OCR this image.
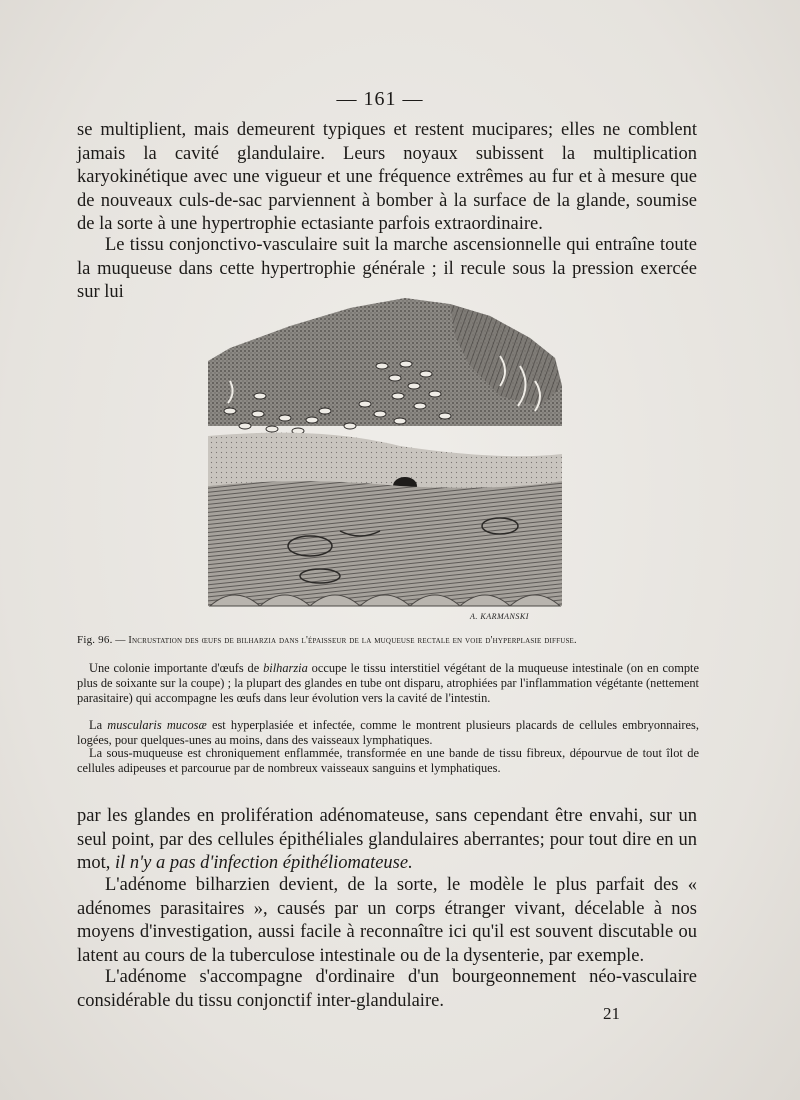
— 161 —

se multiplient, mais demeurent typiques et restent mucipares; elles ne comblent jamais la cavité glandulaire. Leurs noyaux subissent la multiplication karyokinétique avec une vigueur et une fréquence extrêmes au fur et à mesure que de nouveaux culs-de-sac parviennent à bomber à la surface de la glande, soumise de la sorte à une hypertrophie ectasiante parfois extraordinaire.

Le tissu conjonctivo-vasculaire suit la marche ascensionnelle qui entraîne toute la muqueuse dans cette hypertrophie générale ; il recule sous la pression exercée sur lui

A. KARMANSKI
Fig. 96. — Incrustation des œufs de bilharzia dans l'épaisseur de la muqueuse rectale en voie d'hyperplasie diffuse.

Une colonie importante d'œufs de bilharzia occupe le tissu interstitiel végétant de la muqueuse intestinale (on en compte plus de soixante sur la coupe) ; la plupart des glandes en tube ont disparu, atrophiées par l'inflammation végétante (nettement parasitaire) qui accompagne les œufs dans leur évolution vers la cavité de l'intestin.

La muscularis mucosæ est hyperplasiée et infectée, comme le montrent plusieurs placards de cellules embryonnaires, logées, pour quelques-unes au moins, dans des vaisseaux lymphatiques.

La sous-muqueuse est chroniquement enflammée, transformée en une bande de tissu fibreux, dépourvue de tout îlot de cellules adipeuses et parcourue par de nombreux vaisseaux sanguins et lymphatiques.

par les glandes en prolifération adénomateuse, sans cependant être envahi, sur un seul point, par des cellules épithéliales glandulaires aberrantes; pour tout dire en un mot, il n'y a pas d'infection épithéliomateuse.

L'adénome bilharzien devient, de la sorte, le modèle le plus parfait des « adénomes parasitaires », causés par un corps étranger vivant, décelable à nos moyens d'investigation, aussi facile à reconnaître ici qu'il est souvent discutable ou latent au cours de la tuberculose intestinale ou de la dysenterie, par exemple.

L'adénome s'accompagne d'ordinaire d'un bourgeonnement néo-vasculaire considérable du tissu conjonctif inter-glandulaire.

21
